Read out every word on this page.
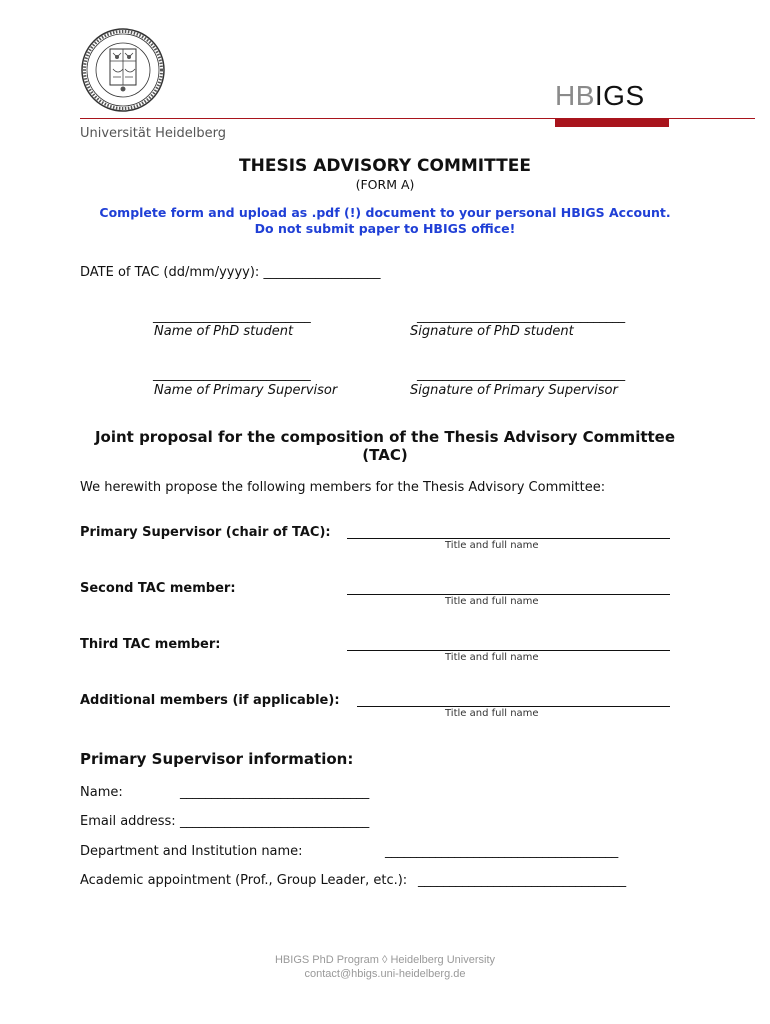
HBIGS
Universität Heidelberg
THESIS ADVISORY COMMITTEE
(FORM A)
Complete form and upload as .pdf (!) document to your personal HBIGS Account.
Do not submit paper to HBIGS office!
DATE of TAC (dd/mm/yyyy): __________________
_________________________	_________________________________
Name of PhD student	Signature of PhD student
_________________________	_________________________________
Name of Primary Supervisor	Signature of Primary Supervisor
Joint proposal for the composition of the Thesis Advisory Committee
(TAC)
We herewith propose the following members for the Thesis Advisory Committee:
Primary Supervisor (chair of TAC):
Title and full name
Second TAC member:
Title and full name
Third TAC member:
Title and full name
Additional members (if applicable):
Title and full name
Primary Supervisor information:
Name:	______________________________
Email address: ______________________________
Department and Institution name:	_____________________________________
Academic appointment (Prof., Group Leader, etc.): _________________________________
HBIGS PhD Program ◊ Heidelberg University
contact@hbigs.uni-heidelberg.de
